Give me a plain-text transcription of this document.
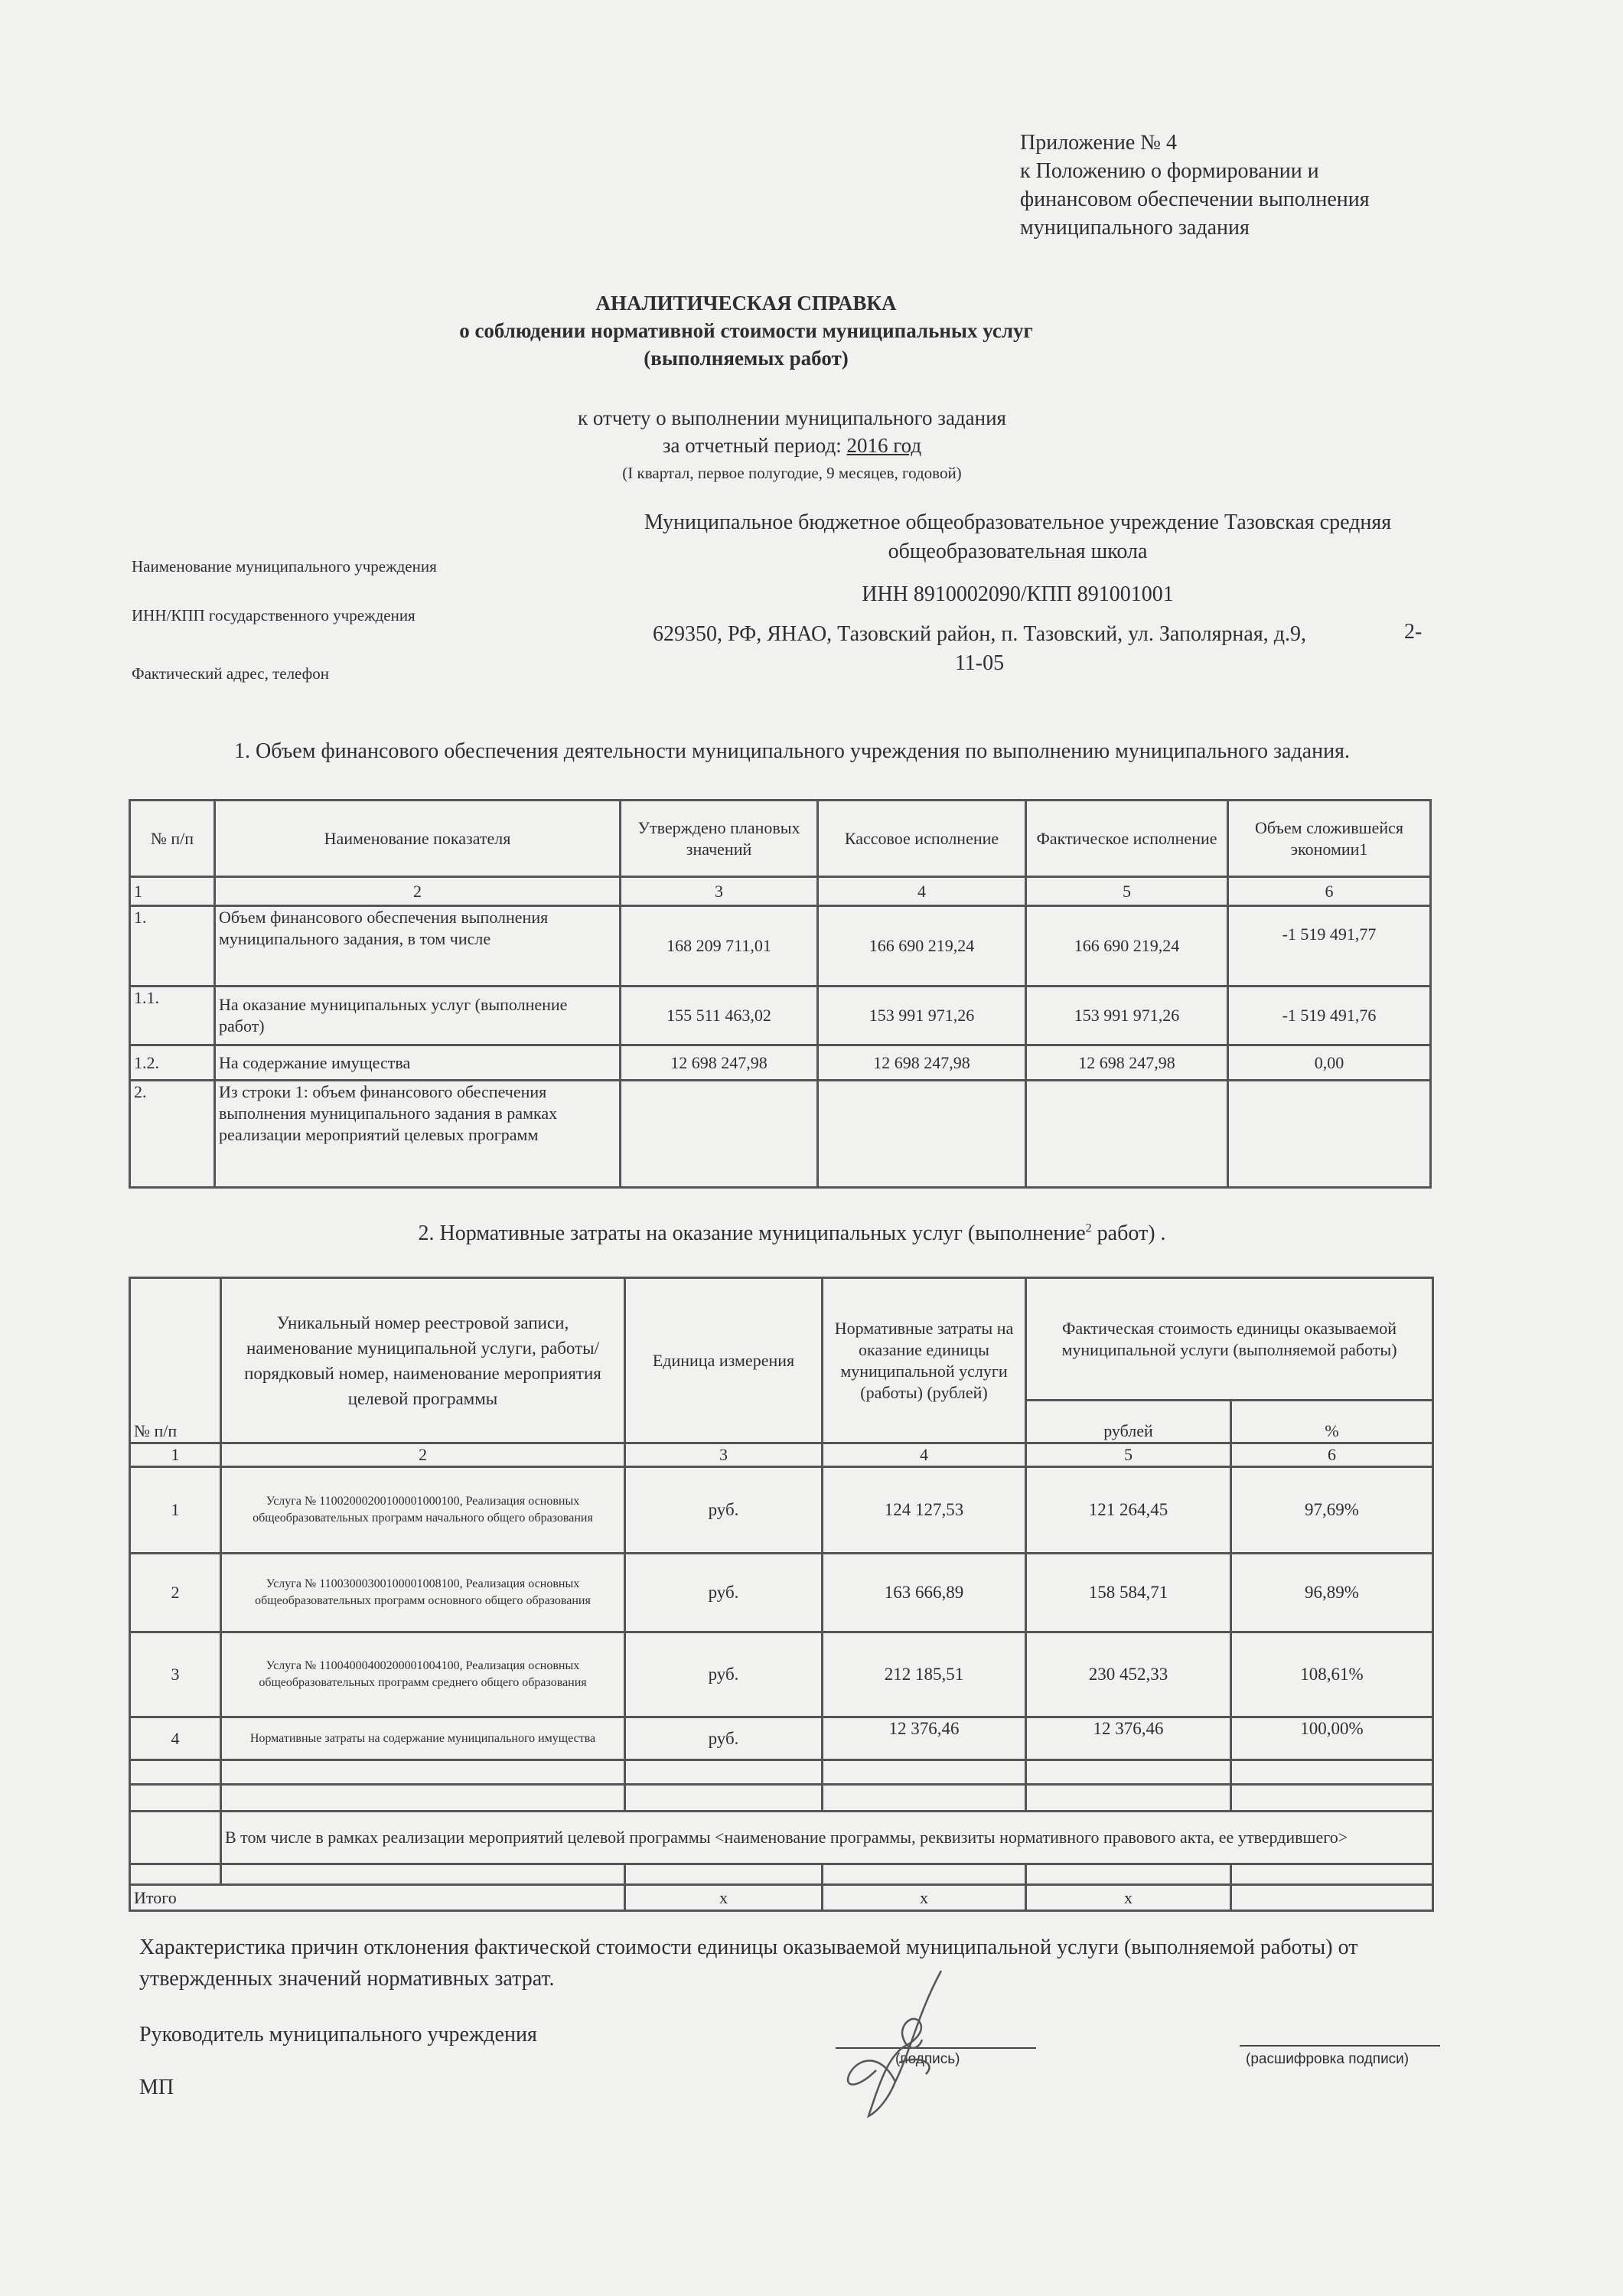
Приложение № 4
к Положению о формировании и
финансовом обеспечении выполнения
муниципального задания
АНАЛИТИЧЕСКАЯ СПРАВКА
о соблюдении нормативной стоимости муниципальных услуг
(выполняемых работ)
к отчету о выполнении муниципального задания
за отчетный период: 2016 год
(I квартал, первое полугодие, 9 месяцев, годовой)
Муниципальное бюджетное общеобразовательное учреждение Тазовская средняя
общеобразовательная школа
Наименование муниципального учреждения
ИНН 8910002090/КПП 891001001
ИНН/КПП государственного учреждения
629350, РФ, ЯНАО, Тазовский район, п. Тазовский, ул. Заполярная, д.9,
11-05
2-
Фактический адрес, телефон
1. Объем финансового обеспечения деятельности муниципального учреждения по выполнению муниципального задания.
№ п/п	Наименование показателя	Утверждено плановых значений	Кассовое исполнение	Фактическое исполнение	Объем сложившейся экономии1
1	2	3	4	5	6
1.	Объем финансового обеспечения выполнения муниципального задания, в том числе	168 209 711,01	166 690 219,24	166 690 219,24	-1 519 491,77
1.1.	На оказание муниципальных услуг (выполнение работ)	155 511 463,02	153 991 971,26	153 991 971,26	-1 519 491,76
1.2.	На содержание имущества	12 698 247,98	12 698 247,98	12 698 247,98	0,00
2.	Из строки 1: объем финансового обеспечения выполнения муниципального задания в рамках реализации мероприятий целевых программ				
2. Нормативные затраты на оказание муниципальных услуг (выполнение$^2$ работ) .
№ п/п	Уникальный номер реестровой записи, наименование муниципальной услуги, работы/ порядковый номер, наименование мероприятия целевой программы	Единица измерения	Нормативные затраты на оказание единицы муниципальной услуги (работы) (рублей)	Фактическая стоимость единицы оказываемой муниципальной услуги (выполняемой работы)	
				рублей	%
1	2	3	4	5	6
1	Услуга № 11002000200100001000100, Реализация основных общеобразовательных программ начального общего образования	руб.	124 127,53	121 264,45	97,69%
2	Услуга № 11003000300100001008100, Реализация основных общеобразовательных программ основного общего образования	руб.	163 666,89	158 584,71	96,89%
3	Услуга № 11004000400200001004100, Реализация основных общеобразовательных программ среднего общего образования	руб.	212 185,51	230 452,33	108,61%
4	Нормативные затраты на содержание муниципального имущества	руб.	12 376,46	12 376,46	100,00%

	В том числе в рамках реализации мероприятий целевой программы <наименование программы, реквизиты нормативного правового акта, ее утвердившего>				

Итого		x	x	x	
Характеристика причин отклонения фактической стоимости единицы оказываемой муниципальной услуги (выполняемой работы) от утвержденных значений нормативных затрат.
Руководитель муниципального учреждения
(подпись)	(расшифровка подписи)
МП
